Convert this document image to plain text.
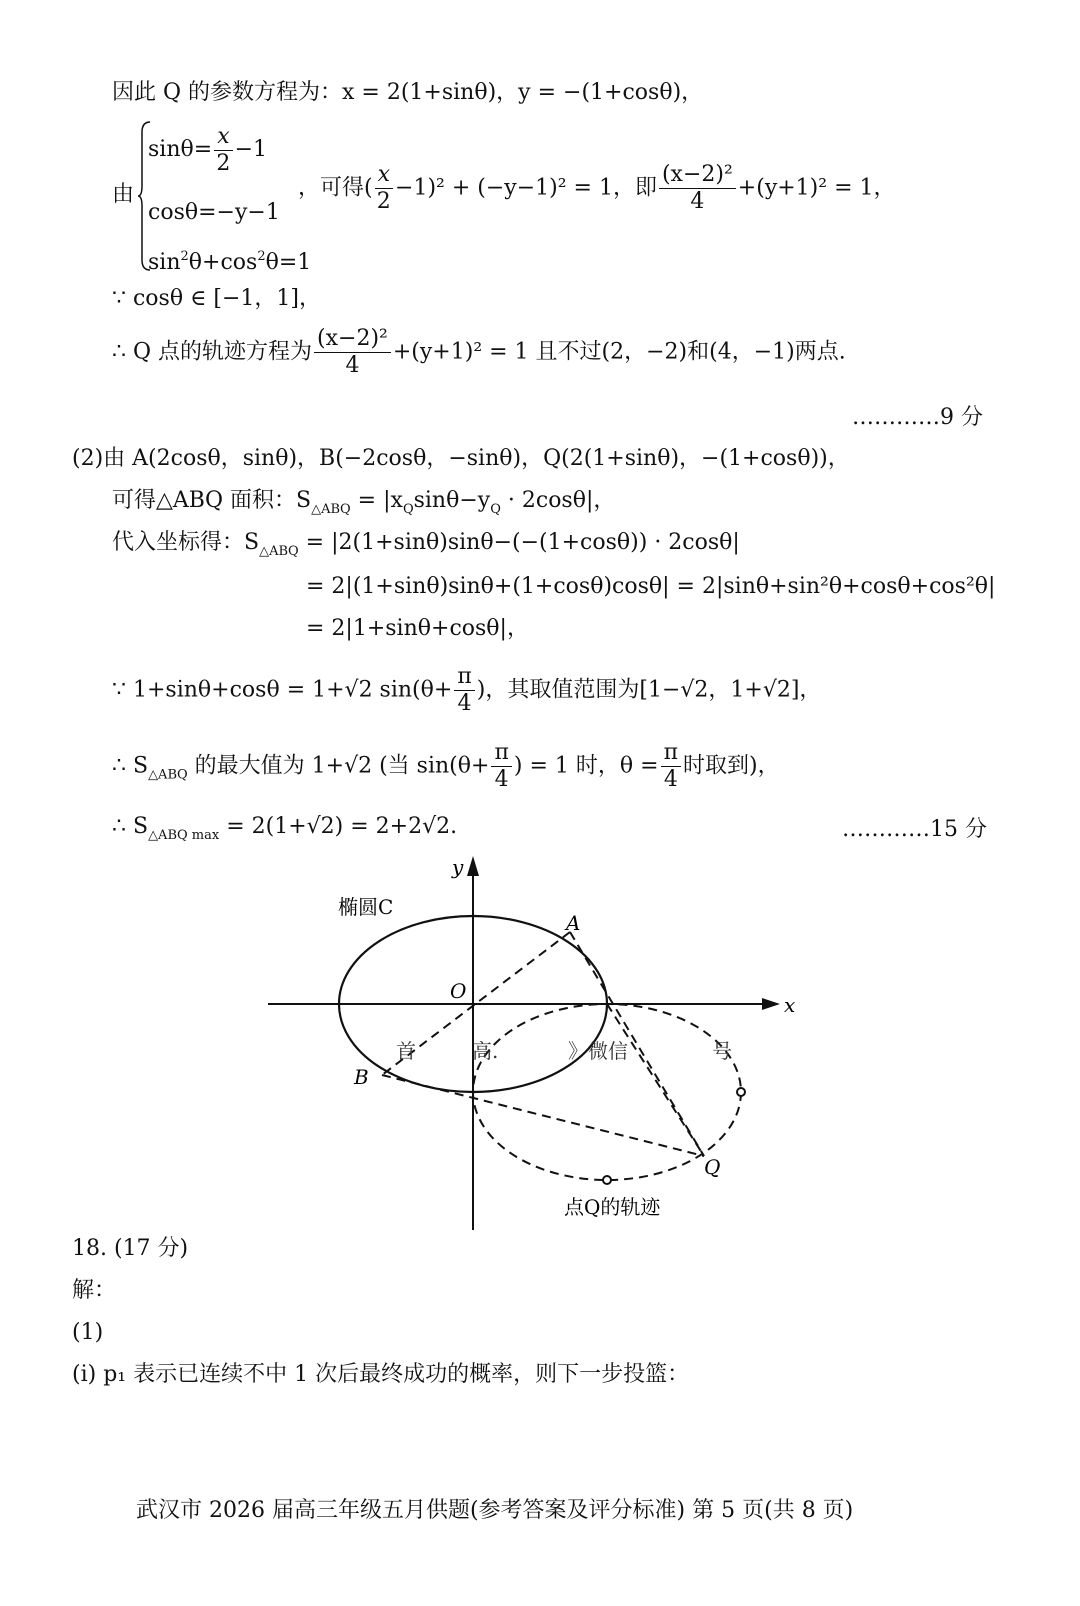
因此 Q 的参数方程为：x = 2(1+sinθ)，y = −(1+cosθ)，
由
$\sin\theta= \frac{x}{2} -1$
cosθ=−y−1
$\sin^2\theta+\cos^2\theta=1$
，可得( $\frac{x}{2} -1)^2 + (-y-1)^2 = 1$，即 $\frac{\text{(x−2)²}}{4} +(y+1)^2 = 1$，
∵ cosθ ∈ [−1，1]，
∴ Q 点的轨迹方程为 $\frac{\text{(x−2)²}}{4} +(y+1)^2 = 1$ 且不过(2，−2)和(4，−1)两点.
…………9 分
(2)由 A(2cosθ，sinθ)，B(−2cosθ，−sinθ)，Q(2(1+sinθ)，−(1+cosθ))，
可得△ABQ 面积：$S_{\triangle ABQ} = |x_Q\sin\theta-y_Q \cdot 2\cos\theta|$，
代入坐标得：$S_{\triangle ABQ} = |2(1+\sin\theta)\sin\theta-(-(1+\cos\theta)) \cdot 2\cos\theta|$
= 2|(1+sinθ)sinθ+(1+cosθ)cosθ| = 2|sinθ+sin²θ+cosθ+cos²θ|
= 2|1+sinθ+cosθ|，
∵ 1+sinθ+cosθ = 1+√2 $\sin(\theta+ \frac{\pi}{4}$ )，其取值范围为[1−√2，1+√2]，
∴ $S_{\triangle ABQ}$ 的最大值为 1+√2 (当 $\sin(\theta+ \frac{\pi}{4}$ ) = 1 时，$\theta = \frac{\pi}{4}$ 时取到)，
∴ $S_{\triangle ABQ max} = 2(1+√2) = 2+2√2$.	…………15 分
y
x
O
A
B
Q
椭圆C
点Q的轨迹
首	高.	》微信	号
18. (17 分)
解：
(1)
(ⅰ) p₁ 表示已连续不中 1 次后最终成功的概率，则下一步投篮：
武汉市 2026 届高三年级五月供题(参考答案及评分标准) 第 5 页(共 8 页)
